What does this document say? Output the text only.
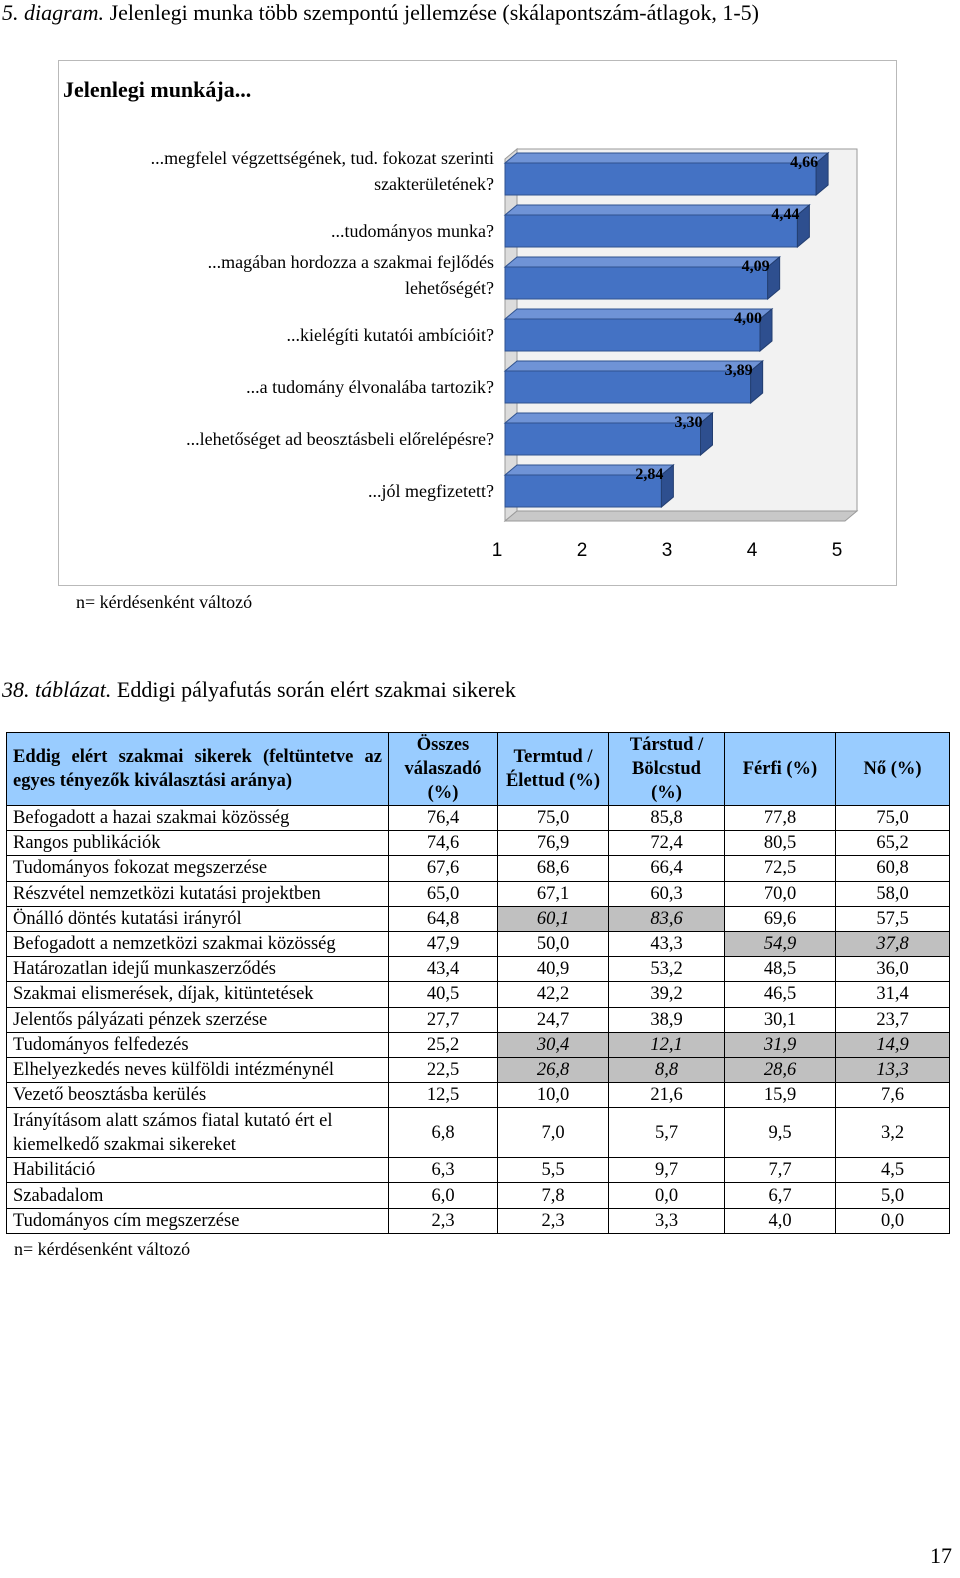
5. diagram. Jelenlegi munka több szempontú jellemzése (skálapontszám-átlagok, 1-5)
Jelenlegi munkája...
4,66
...megfelel végzettségének, tud. fokozat szerinti
szakterületének?
4,44
...tudományos munka?
4,09
...magában hordozza a szakmai fejlődés
lehetőségét?
4,00
...kielégíti kutatói ambícióit?
3,89
...a tudomány élvonalába tartozik?
3,30
...lehetőséget ad beosztásbeli előrelépésre?
2,84
...jól megfizetett?
1	2	3	4	5
n= kérdésenként változó
38. táblázat. Eddigi pályafutás során elért szakmai sikerek
Eddig elért szakmai sikerek (feltüntetve az egyes tényezők kiválasztási aránya)	Összes válaszadó (%)	Termtud / Élettud (%)	Társtud / Bölcstud (%)	Férfi (%)	Nő (%)
Befogadott a hazai szakmai közösség	76,4	75,0	85,8	77,8	75,0
Rangos publikációk	74,6	76,9	72,4	80,5	65,2
Tudományos fokozat megszerzése	67,6	68,6	66,4	72,5	60,8
Részvétel nemzetközi kutatási projektben	65,0	67,1	60,3	70,0	58,0
Önálló döntés kutatási irányról	64,8	60,1	83,6	69,6	57,5
Befogadott a nemzetközi szakmai közösség	47,9	50,0	43,3	54,9	37,8
Határozatlan idejű munkaszerződés	43,4	40,9	53,2	48,5	36,0
Szakmai elismerések, díjak, kitüntetések	40,5	42,2	39,2	46,5	31,4
Jelentős pályázati pénzek szerzése	27,7	24,7	38,9	30,1	23,7
Tudományos felfedezés	25,2	30,4	12,1	31,9	14,9
Elhelyezkedés neves külföldi intézménynél	22,5	26,8	8,8	28,6	13,3
Vezető beosztásba kerülés	12,5	10,0	21,6	15,9	7,6
Irányításom alatt számos fiatal kutató ért el kiemelkedő szakmai sikereket	6,8	7,0	5,7	9,5	3,2
Habilitáció	6,3	5,5	9,7	7,7	4,5
Szabadalom	6,0	7,8	0,0	6,7	5,0
Tudományos cím megszerzése	2,3	2,3	3,3	4,0	0,0
n= kérdésenként változó
17
